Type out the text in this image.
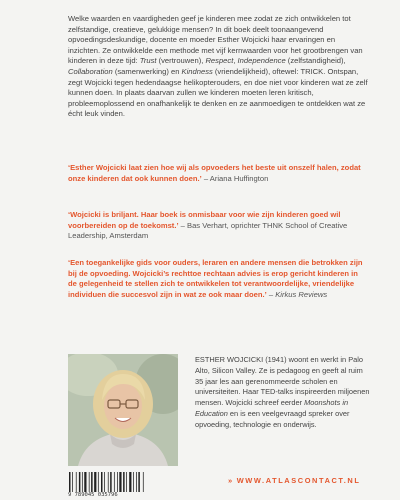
Welke waarden en vaardigheden geef je kinderen mee zodat ze zich ontwikkelen tot zelfstandige, creatieve, gelukkige mensen? In dit boek deelt toonaangevend opvoedingsdeskundige, docente en moeder Esther Wojcicki haar ervaringen en inzichten. Ze ontwikkelde een methode met vijf kernwaarden voor het grootbrengen van kinderen in deze tijd: Trust (vertrouwen), Respect, Independence (zelfstandigheid), Collaboration (samenwerking) en Kindness (vriendelijkheid), oftewel: TRICK. Ontspan, zegt Wojcicki tegen hedendaagse helikopterouders, en doe niet voor kinderen wat ze zelf kunnen doen. In plaats daarvan zullen we kinderen moeten leren kritisch, probleemoplossend en onafhankelijk te denken en ze aanmoedigen te ontdekken wat ze écht leuk vinden.
‘Esther Wojcicki laat zien hoe wij als opvoeders het beste uit onszelf halen, zodat onze kinderen dat ook kunnen doen.’ – Ariana Huffington
‘Wojcicki is briljant. Haar boek is onmisbaar voor wie zijn kinderen goed wil voorbereiden op de toekomst.’ – Bas Verhart, oprichter THNK School of Creative Leadership, Amsterdam
‘Een toegankelijke gids voor ouders, leraren en andere mensen die betrokken zijn bij de opvoeding. Wojcicki’s rechttoe rechtaan advies is erop gericht kinderen in de gelegenheid te stellen zich te ontwikkelen tot verantwoordelijke, vriendelijke individuen die succesvol zijn in wat ze ook maar doen.’ – Kirkus Reviews
ESTHER WOJCICKI (1941) woont en werkt in Palo Alto, Silicon Valley. Ze is pedagoog en geeft al ruim 35 jaar les aan gerenommeerde scholen en universiteiten. Haar TED-talks inspireerden miljoenen mensen. Wojcicki schreef eerder Moonshots in Education en is een veelgevraagd spreker over opvoeding, technologie en onderwijs.
9 789045 035796
» WWW.ATLASCONTACT.NL
